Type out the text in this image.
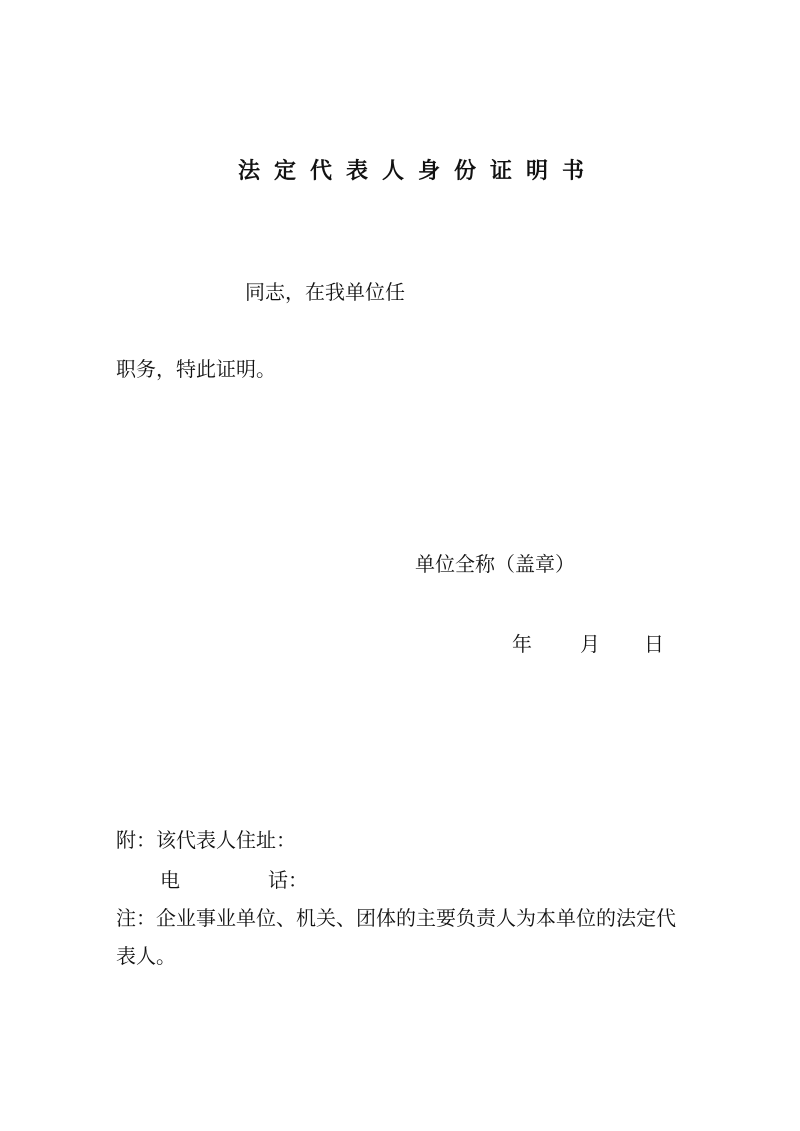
法定代表人身份证明书
同志，在我单位任
职务，特此证明。
单位全称（盖章）
年 月 日
附：该代表人住址：
电	话：
注：企业事业单位、机关、团体的主要负责人为本单位的法定代
表人。
